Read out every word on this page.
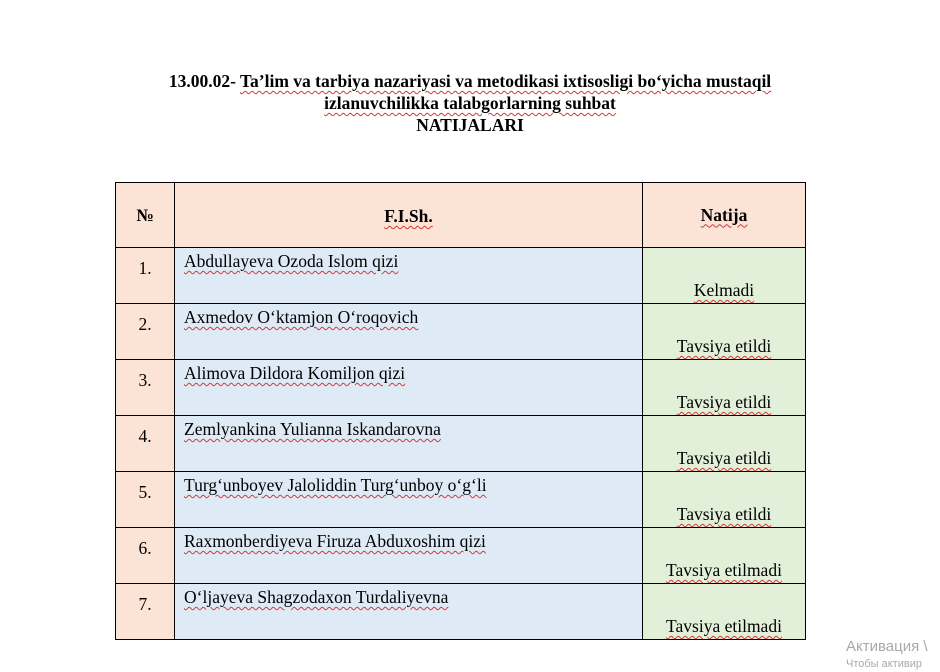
13.00.02- Ta’lim va tarbiya nazariyasi va metodikasi ixtisosligi bo‘yicha mustaqil
izlanuvchilikka talabgorlarning suhbat
NATIJALARI
№	F.I.Sh.	Natija
1.	Abdullayeva Ozoda Islom qizi	Kelmadi
2.	Axmedov O‘ktamjon O‘roqovich	Tavsiya etildi
3.	Alimova Dildora Komiljon qizi	Tavsiya etildi
4.	Zemlyankina Yulianna Iskandarovna	Tavsiya etildi
5.	Turg‘unboyev Jaloliddin Turg‘unboy o‘g‘li	Tavsiya etildi
6.	Raxmonberdiyeva Firuza Abduxoshim qizi	Tavsiya etilmadi
7.	O‘ljayeva Shagzodaxon Turdaliyevna	Tavsiya etilmadi
Активация \
Чтобы активир
